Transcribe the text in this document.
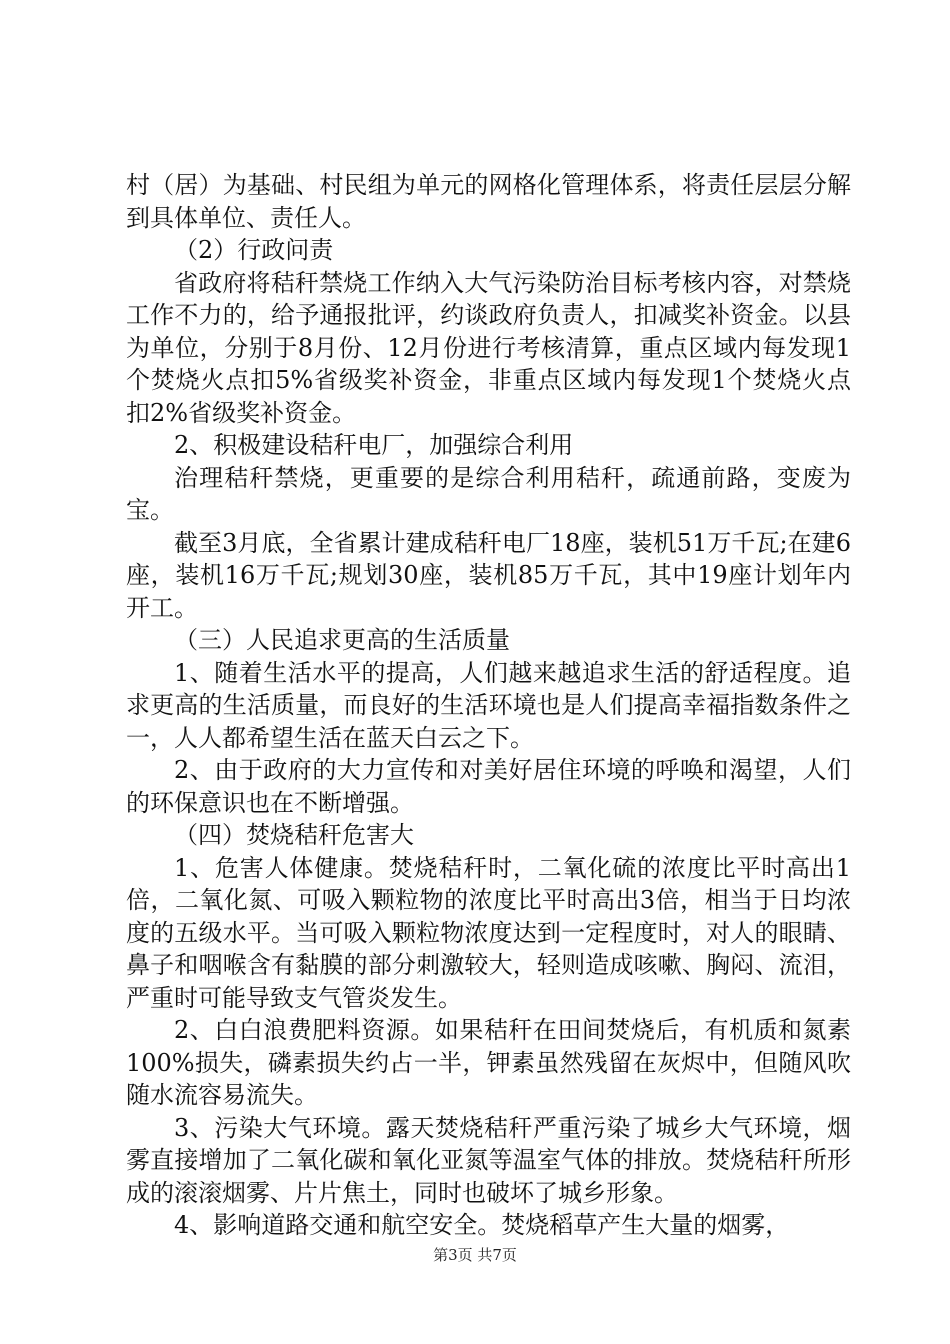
村（居）为基础、村民组为单元的网格化管理体系，将责任层层分解到具体单位、责任人。

（2）行政问责

省政府将秸秆禁烧工作纳入大气污染防治目标考核内容，对禁烧工作不力的，给予通报批评，约谈政府负责人，扣减奖补资金。以县为单位，分别于8月份、12月份进行考核清算，重点区域内每发现1个焚烧火点扣5%省级奖补资金，非重点区域内每发现1个焚烧火点扣2%省级奖补资金。

2、积极建设秸秆电厂，加强综合利用

治理秸秆禁烧，更重要的是综合利用秸秆，疏通前路，变废为宝。

截至3月底，全省累计建成秸秆电厂18座，装机51万千瓦;在建6座，装机16万千瓦;规划30座，装机85万千瓦，其中19座计划年内开工。

（三）人民追求更高的生活质量

1、随着生活水平的提高，人们越来越追求生活的舒适程度。追求更高的生活质量，而良好的生活环境也是人们提高幸福指数条件之一，人人都希望生活在蓝天白云之下。

2、由于政府的大力宣传和对美好居住环境的呼唤和渴望，人们的环保意识也在不断增强。

（四）焚烧秸秆危害大

1、危害人体健康。焚烧秸秆时，二氧化硫的浓度比平时高出1倍，二氧化氮、可吸入颗粒物的浓度比平时高出3倍，相当于日均浓度的五级水平。当可吸入颗粒物浓度达到一定程度时，对人的眼睛、鼻子和咽喉含有黏膜的部分刺激较大，轻则造成咳嗽、胸闷、流泪，严重时可能导致支气管炎发生。

2、白白浪费肥料资源。如果秸秆在田间焚烧后，有机质和氮素100%损失，磷素损失约占一半，钾素虽然残留在灰烬中，但随风吹随水流容易流失。

3、污染大气环境。露天焚烧秸秆严重污染了城乡大气环境，烟雾直接增加了二氧化碳和氧化亚氮等温室气体的排放。焚烧秸秆所形成的滚滚烟雾、片片焦土，同时也破坏了城乡形象。

4、影响道路交通和航空安全。焚烧稻草产生大量的烟雾，

第3页 共7页
